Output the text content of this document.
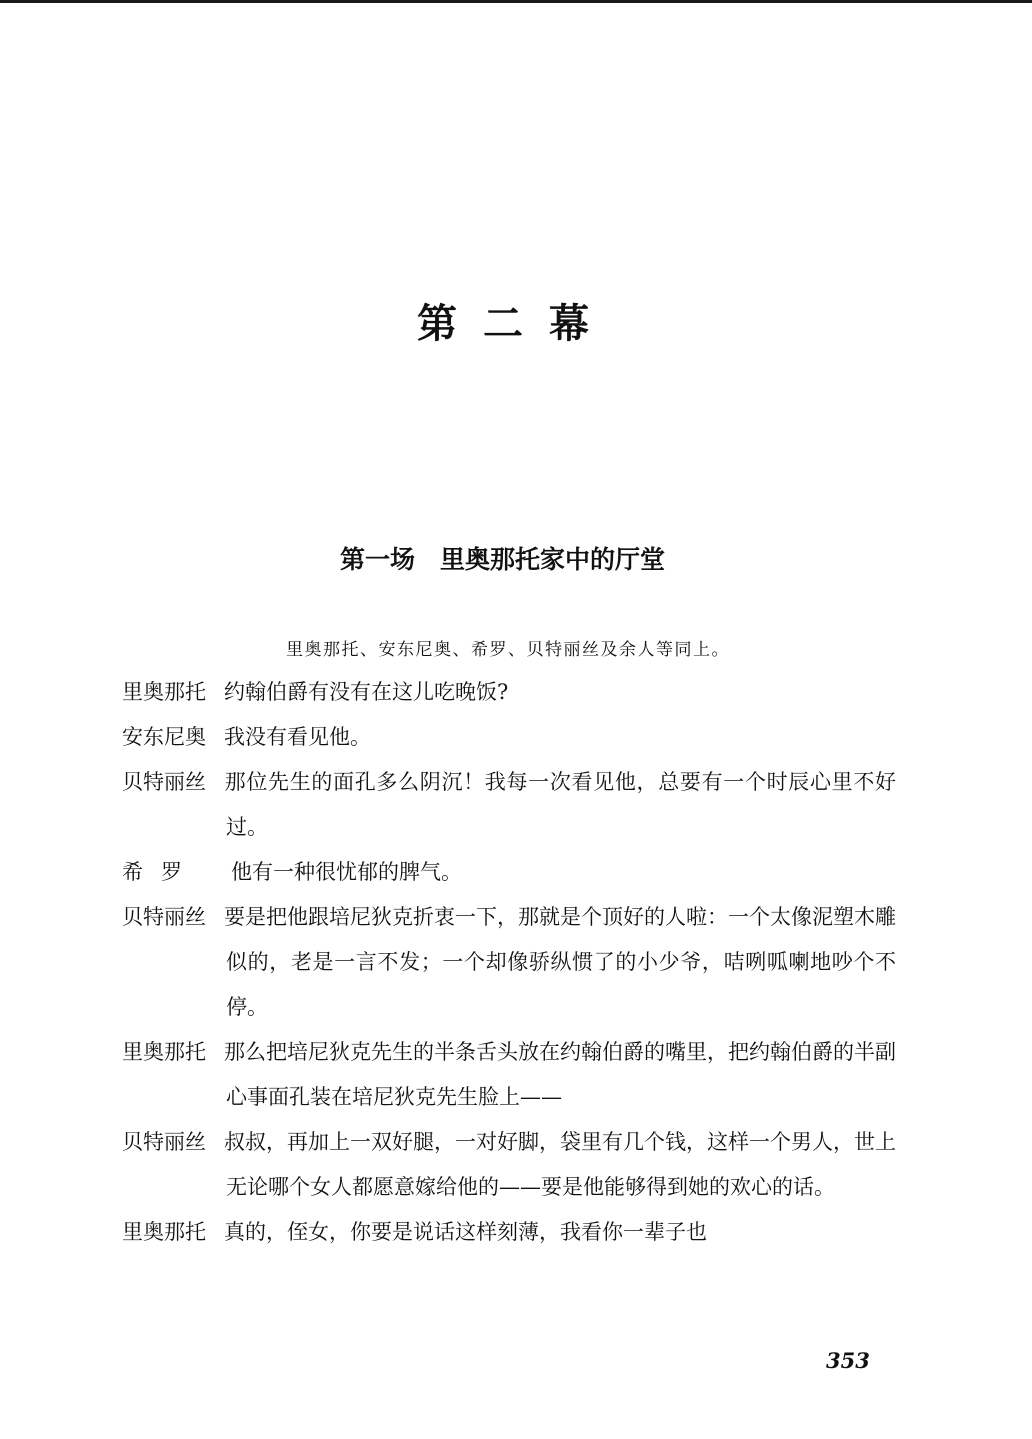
第二幕
第一场　里奥那托家中的厅堂
里奥那托、安东尼奥、希罗、贝特丽丝及余人等同上。

里奥那托 约翰伯爵有没有在这儿吃晚饭?

安东尼奥 我没有看见他。

贝特丽丝 那位先生的面孔多么阴沉！我每一次看见他，总要有一个时辰心里不好过。

希罗 他有一种很忧郁的脾气。

贝特丽丝 要是把他跟培尼狄克折衷一下，那就是个顶好的人啦：一个太像泥塑木雕似的，老是一言不发；一个却像骄纵惯了的小少爷，咭咧呱喇地吵个不停。

里奥那托 那么把培尼狄克先生的半条舌头放在约翰伯爵的嘴里，把约翰伯爵的半副心事面孔装在培尼狄克先生脸上——

贝特丽丝 叔叔，再加上一双好腿，一对好脚，袋里有几个钱，这样一个男人，世上无论哪个女人都愿意嫁给他的——要是他能够得到她的欢心的话。

里奥那托 真的，侄女，你要是说话这样刻薄，我看你一辈子也

353
